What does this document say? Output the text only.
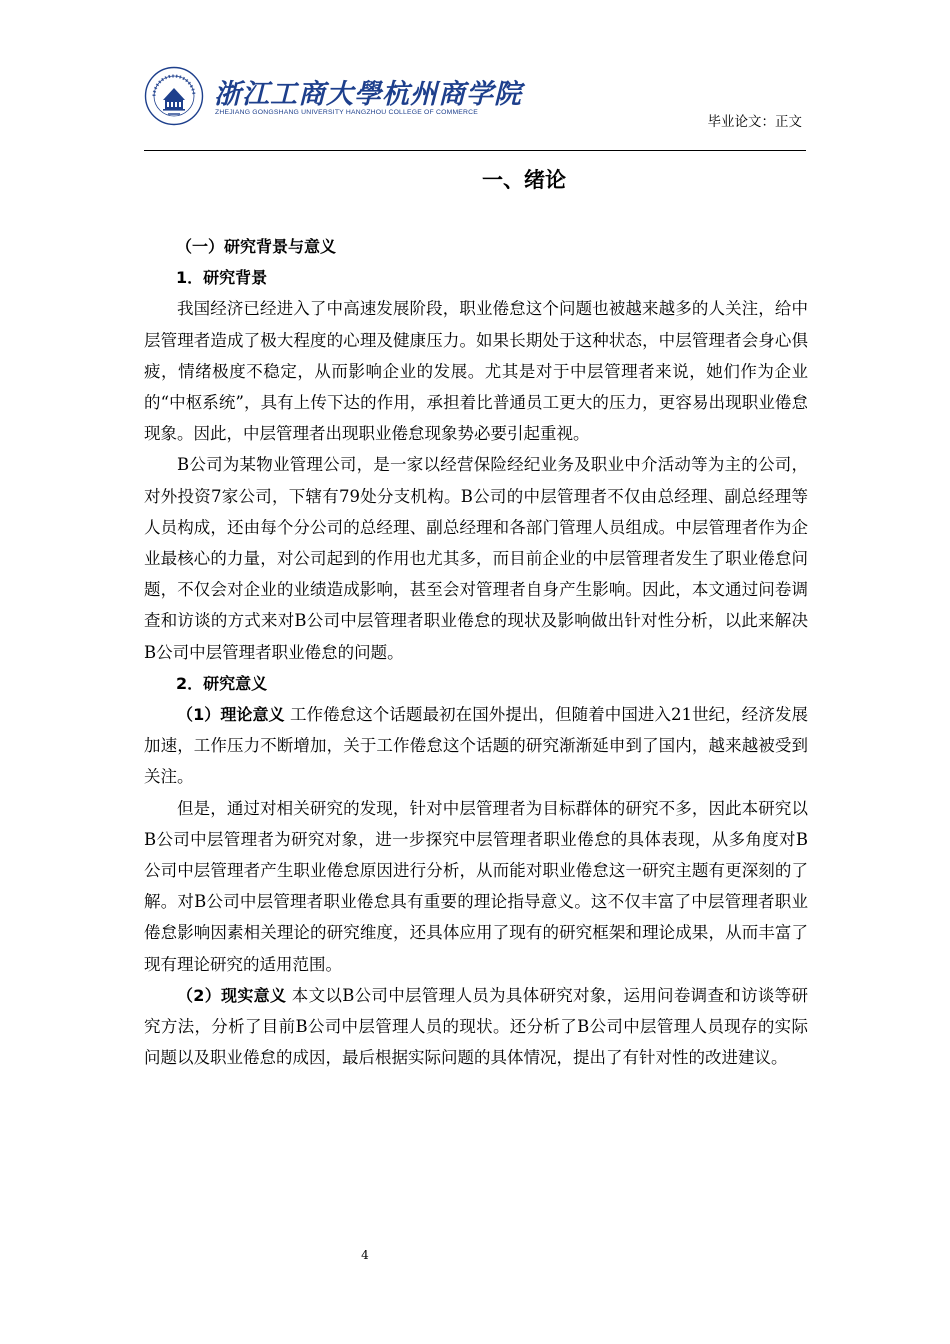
浙江工商大學杭州商学院
ZHEJIANG GONGSHANG UNIVERSITY HANGZHOU COLLEGE OF COMMERCE
毕业论文：正文
一、绪论
（一）研究背景与意义
1．研究背景

我国经济已经进入了中高速发展阶段，职业倦怠这个问题也被越来越多的人关注，给中层管理者造成了极大程度的心理及健康压力。如果长期处于这种状态，中层管理者会身心俱疲，情绪极度不稳定，从而影响企业的发展。尤其是对于中层管理者来说，她们作为企业的“中枢系统”，具有上传下达的作用，承担着比普通员工更大的压力，更容易出现职业倦怠现象。因此，中层管理者出现职业倦怠现象势必要引起重视。

B公司为某物业管理公司，是一家以经营保险经纪业务及职业中介活动等为主的公司，对外投资7家公司，下辖有79处分支机构。B公司的中层管理者不仅由总经理、副总经理等人员构成，还由每个分公司的总经理、副总经理和各部门管理人员组成。中层管理者作为企业最核心的力量，对公司起到的作用也尤其多，而目前企业的中层管理者发生了职业倦怠问题，不仅会对企业的业绩造成影响，甚至会对管理者自身产生影响。因此，本文通过问卷调查和访谈的方式来对B公司中层管理者职业倦怠的现状及影响做出针对性分析，以此来解决B公司中层管理者职业倦怠的问题。

2．研究意义

（1）理论意义 工作倦怠这个话题最初在国外提出，但随着中国进入21世纪，经济发展加速，工作压力不断增加，关于工作倦怠这个话题的研究渐渐延申到了国内，越来越被受到关注。

但是，通过对相关研究的发现，针对中层管理者为目标群体的研究不多，因此本研究以B公司中层管理者为研究对象，进一步探究中层管理者职业倦怠的具体表现，从多角度对B公司中层管理者产生职业倦怠原因进行分析，从而能对职业倦怠这一研究主题有更深刻的了解。对B公司中层管理者职业倦怠具有重要的理论指导意义。这不仅丰富了中层管理者职业倦怠影响因素相关理论的研究维度，还具体应用了现有的研究框架和理论成果，从而丰富了现有理论研究的适用范围。

（2）现实意义 本文以B公司中层管理人员为具体研究对象，运用问卷调查和访谈等研究方法，分析了目前B公司中层管理人员的现状。还分析了B公司中层管理人员现存的实际问题以及职业倦怠的成因，最后根据实际问题的具体情况，提出了有针对性的改进建议。

4
